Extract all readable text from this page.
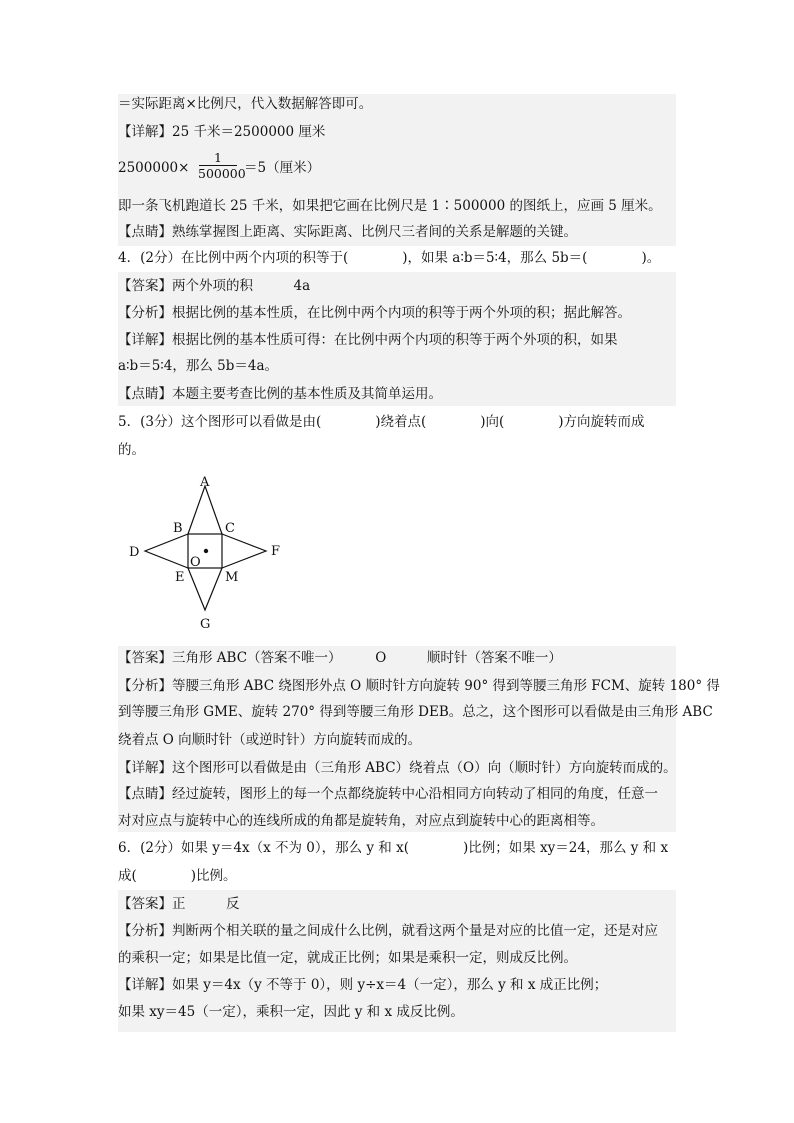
＝实际距离×比例尺，代入数据解答即可。
【详解】25 千米＝2500000 厘米
2500000×
1
500000
＝5（厘米）
即一条飞机跑道长 25 千米，如果把它画在比例尺是 1∶500000 的图纸上，应画 5 厘米。
【点睛】熟练掌握图上距离、实际距离、比例尺三者间的关系是解题的关键。
4．(2分）在比例中两个内项的积等于(　　　　)，如果 a∶b＝5∶4，那么 5b＝(　　　　)。
【答案】两个外项的积　　　4a
【分析】根据比例的基本性质，在比例中两个内项的积等于两个外项的积；据此解答。
【详解】根据比例的基本性质可得：在比例中两个内项的积等于两个外项的积，如果
a∶b＝5∶4，那么 5b＝4a。
【点睛】本题主要考查比例的基本性质及其简单运用。
5．(3分）这个图形可以看做是由(　　　　)绕着点(　　　　)向(　　　　)方向旋转而成
的。
A
B	C
D
E
F
G
M
O
【答案】三角形 ABC（答案不唯一）　　　O　　　顺时针（答案不唯一）
【分析】等腰三角形 ABC 绕图形外点 O 顺时针方向旋转 90° 得到等腰三角形 FCM、旋转 180° 得
到等腰三角形 GME、旋转 270° 得到等腰三角形 DEB。总之，这个图形可以看做是由三角形 ABC
绕着点 O 向顺时针（或逆时针）方向旋转而成的。
【详解】这个图形可以看做是由（三角形 ABC）绕着点（O）向（顺时针）方向旋转而成的。
【点睛】经过旋转，图形上的每一个点都绕旋转中心沿相同方向转动了相同的角度，任意一
对对应点与旋转中心的连线所成的角都是旋转角，对应点到旋转中心的距离相等。
6．(2分）如果 y＝4x（x 不为 0），那么 y 和 x(　　　　)比例；如果 xy＝24，那么 y 和 x
成(　　　　)比例。
【答案】正　　　反
【分析】判断两个相关联的量之间成什么比例，就看这两个量是对应的比值一定，还是对应
的乘积一定；如果是比值一定，就成正比例；如果是乘积一定，则成反比例。
【详解】如果 y＝4x（y 不等于 0），则 y÷x＝4（一定），那么 y 和 x 成正比例；
如果 xy＝45（一定），乘积一定，因此 y 和 x 成反比例。
